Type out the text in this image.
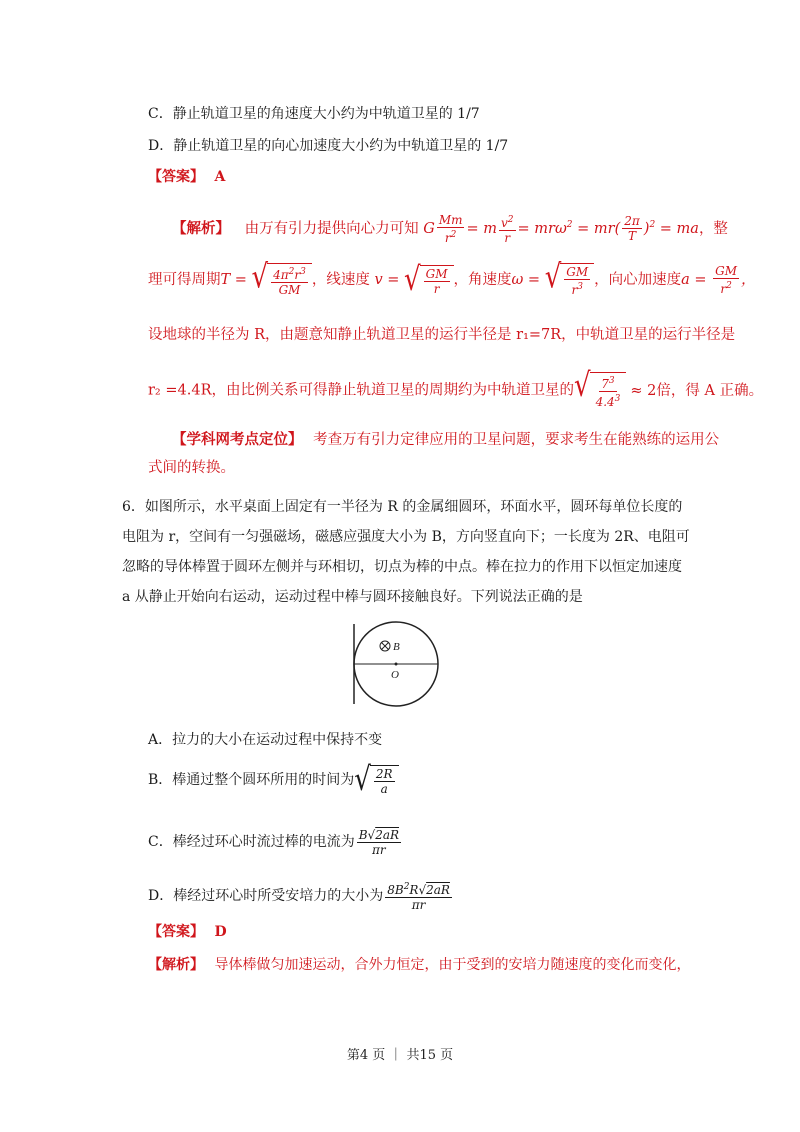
C．静止轨道卫星的角速度大小约为中轨道卫星的 1/7
D．静止轨道卫星的向心加速度大小约为中轨道卫星的 1/7
【答案】 A
【解析】 由万有引力提供向心力可知 G $\frac{Mm}{r^2} = m \frac{v^2}{r} = mr\omega^2 = mr( \frac{2\pi}{T} )^2$ = ma，整
理可得周期T = √ $\frac{4\pi^2r^3}{GM}$ ，线速度 v = √ $\frac{GM}{r}$ ，角速度ω = √ $\frac{GM}{r^3}$ ，向心加速度$a = \frac{GM}{r^2}$ ，
设地球的半径为 R，由题意知静止轨道卫星的运行半径是 r₁=7R，中轨道卫星的运行半径是
r₂ =4.4R，由比例关系可得静止轨道卫星的周期约为中轨道卫星的 √ $\frac{7^3}{4.4^3} \approx 2$倍，得 A 正确。
【学科网考点定位】 考查万有引力定律应用的卫星问题，要求考生在能熟练的运用公
式间的转换。
6．如图所示，水平桌面上固定有一半径为 R 的金属细圆环，环面水平，圆环每单位长度的
电阻为 r，空间有一匀强磁场，磁感应强度大小为 B，方向竖直向下；一长度为 2R、电阻可
忽略的导体棒置于圆环左侧并与环相切，切点为棒的中点。棒在拉力的作用下以恒定加速度
a 从静止开始向右运动，运动过程中棒与圆环接触良好。下列说法正确的是
B
O
A．拉力的大小在运动过程中保持不变
B．棒通过整个圆环所用的时间为 √ $\frac{2R}{a}$
C．棒经过环心时流过棒的电流为 $\frac{B√2aR}{\pi r}$
D．棒经过环心时所受安培力的大小为 $\frac{8B^2R√2aR}{\pi r}$
【答案】 D
【解析】 导体棒做匀加速运动，合外力恒定，由于受到的安培力随速度的变化而变化，
第4 页 ｜ 共15 页
